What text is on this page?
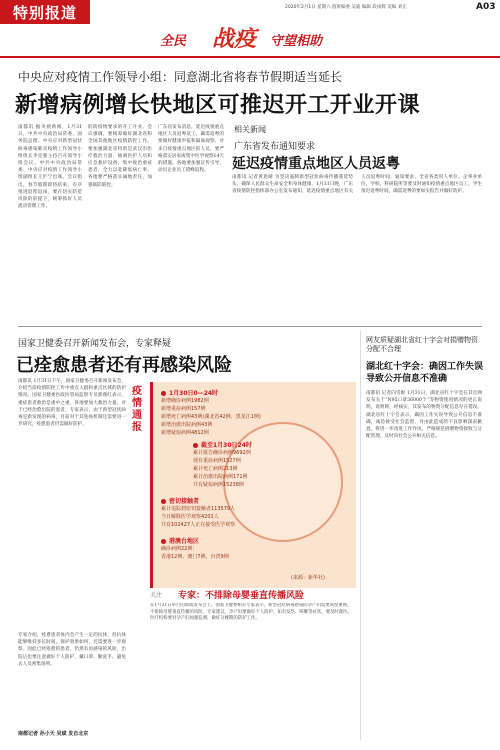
特别报道	2020年2月1日 星期六 值班编委 吴迪 编辑 段雨辉 美编 刘正	A03
全民 战疫 守望相助
中央应对疫情工作领导小组：同意湖北省将春节假期适当延长
新增病例增长快地区可推迟开工开业开课
南都讯 据央视新闻，1月31日，中共中央政治局常委、国务院总理、中央应对新型冠状病毒感染肺炎疫情工作领导小组组长李克强主持召开领导小组会议。中共中央政治局常委、中央应对疫情工作领导小组副组长王沪宁出席。会议指出，春节假期即将结束，有序推进返程返岗，要在切实防范风险的前提下，统筹抓好人员流动管理工作。
的防疫情要求的开工开业。会议强调，要统筹做好湖北省和全国其他地区疫情防控工作。要加强湖北省特别是武汉市医疗救治力量，抽调医护人员和应急救护设备，集中收治重症患者，全力以赴降低病亡率。各地要严格落实属地责任，加强联防联控。
广东省发布消息，延迟疫情重点地区人员返粤返工，确需返粤的要做好健康申报和隔离观察。对来自疫情重点地区的人员，要严格落实居家或集中医学观察14天的措施。各地要加强宣传引导，动员企业员工错峰返程。
相关新闻
广东省发布通知要求
延迟疫情重点地区人员返粤
南都讯 记者黄思晴 为坚决遏制新型冠状病毒传播蔓延势头，确保人民群众生命安全和身体健康，1月31日晚，广东省疫情防控指挥部办公室发布通知，延迟疫情重点地区有关人员返粤时间。通知要求，全省各类用人单位、企事业单位、学校、科研院所等要及时通知疫情重点地区员工、学生推迟返粤时间，确需返粤的要如实报告并做好防护。
国家卫健委召开新闻发布会，专家释疑
已痊愈患者还有再感染风险
南都讯 1月31日下午，国家卫健委召开新闻发布会，介绍当前疫情防控工作中重点人群和重点区域的防护情况。国家卫健委医政医管局监察专员郭燕红表示，重症患者救治是重中之重，各地要加大救治力量。对于已经治愈出院的患者，专家表示，由于新型冠状病毒是新发现的病毒，目前对于其免疫机制还需要进一步研究，痊愈患者仍需做好防护。
专家介绍，痊愈患者体内会产生一定的抗体，但抗体能够维持多长时间，保护效果如何，还需要进一步观察。因此已经痊愈的患者，仍然有再感染的风险，出院后也要注意做好个人防护，戴口罩、勤洗手、避免去人员密集场所。
南都记者 孙小天 吴斌 发自北京
疫情通报
1月30日0—24时
新增确诊病例1982例
新增重症病例157例
新增死亡病例43例(湖北省42例、黑龙江1例)
新增治愈出院病例43例
新增疑似病例4812例
截至1月30日24时
累计报告确诊病例9692例
现有重症病例1527例
累计死亡病例213例
累计治愈出院病例171例
共有疑似病例15238例
密切接触者
累计追踪到密切接触者113579人
当日解除医学观察4201人
共有102427人正在接受医学观察
港澳台地区
确诊病例22例：
香港12例、澳门7例、台湾9例
(来源：新华社)
关注 专家：不排除母婴垂直传播风险
在1月31日举行的新闻发布会上，国家卫健委相关专家表示，新型冠状病毒感染的孕产妇需要高度重视，不排除母婴垂直传播的风险。专家建议，孕产妇要做好个人防护，如有发热、咳嗽等症状，要及时就医。医疗机构要对孕产妇加强监测，做好分娩期的防护工作。
网友质疑湖北省红十字会对捐赠物资分配不合理
湖北红十字会：确因工作失误导致公开信息不准确
南都讯 记者向雪妮 1月31日，湖北省红十字会在其官网发布关于“N95口罩36000个”等物资使用情况的更正说明。说明称，经核实，其发布的物资分配信息存在错误。湖北省红十字会表示，确因工作失误导致公开信息不准确，诚恳接受社会监督，对由此造成的不良影响深表歉意。将进一步改进工作作风，严格规范捐赠物资接收与分配管理，及时向社会公开相关信息。
